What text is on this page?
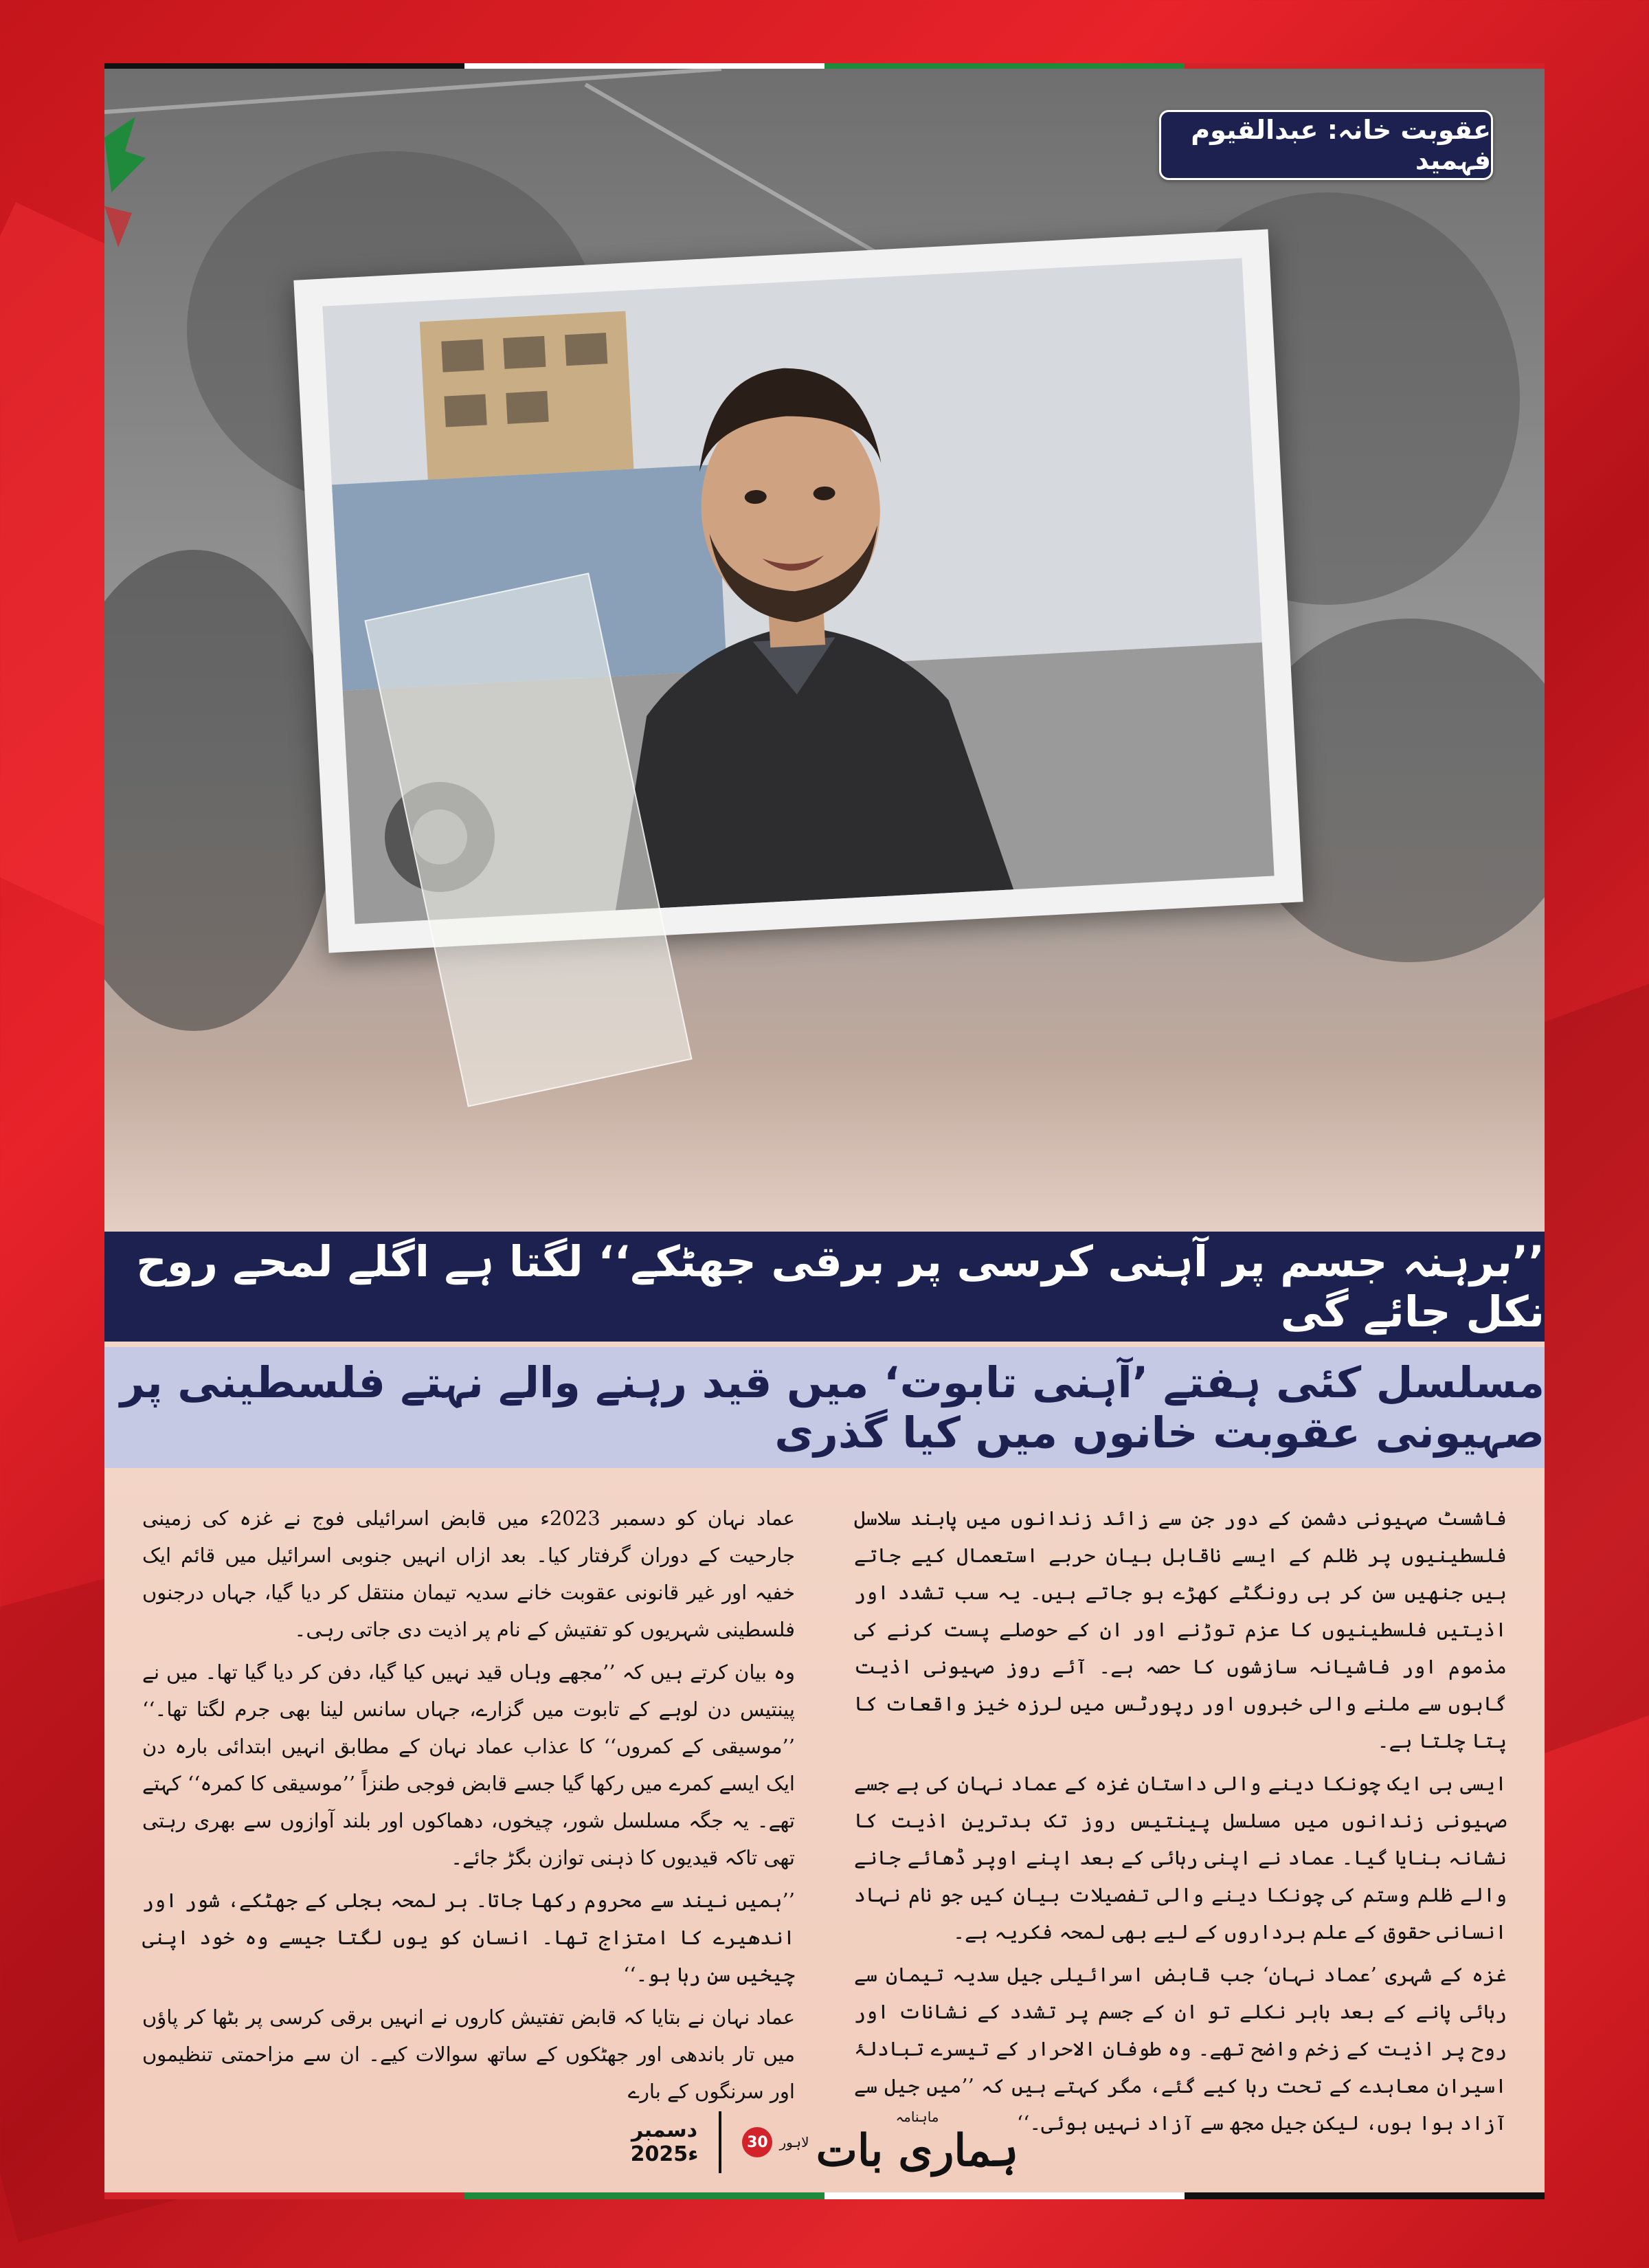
عقوبت خانہ: عبدالقیوم فہمید
’’برہنہ جسم پر آہنی کرسی پر برقی جھٹکے‘‘ لگتا ہے اگلے لمحے روح نکل جائے گی
مسلسل کئی ہفتے ’آہنی تابوت‘ میں قید رہنے والے نہتے فلسطینی پر صہیونی عقوبت خانوں میں کیا گذری

فاشسٹ صہیونی دشمن کے دور جن سے زائد زندانوں میں پابند سلاسل فلسطینیوں پر ظلم کے ایسے ناقابل بیان حربے استعمال کیے جاتے ہیں جنھیں سن کر ہی رونگٹے کھڑے ہو جاتے ہیں۔ یہ سب تشدد اور اذیتیں فلسطینیوں کا عزم توڑنے اور ان کے حوصلے پست کرنے کی مذموم اور فاشیانہ سازشوں کا حصہ ہے۔ آئے روز صہیونی اذیت گاہوں سے ملنے والی خبروں اور رپورٹس میں لرزہ خیز واقعات کا پتا چلتا ہے۔

ایسی ہی ایک چونکا دینے والی داستان غزہ کے عماد نہان کی ہے جسے صہیونی زندانوں میں مسلسل پینتیس روز تک بدترین اذیت کا نشانہ بنایا گیا۔ عماد نے اپنی رہائی کے بعد اپنے اوپر ڈھائے جانے والے ظلم وستم کی چونکا دینے والی تفصیلات بیان کیں جو نام نہاد انسانی حقوق کے علم برداروں کے لیے بھی لمحہ فکریہ ہے۔

غزہ کے شہری ’عماد نہان‘ جب قابض اسرائیلی جیل سدیہ تیمان سے رہائی پانے کے بعد باہر نکلے تو ان کے جسم پر تشدد کے نشانات اور روح پر اذیت کے زخم واضح تھے۔ وہ طوفان الاحرار کے تیسرے تبادلۂ اسیران معاہدے کے تحت رہا کیے گئے، مگر کہتے ہیں کہ ’’میں جیل سے آزاد ہوا ہوں، لیکن جیل مجھ سے آزاد نہیں ہوئی۔‘‘

عماد نہان کو دسمبر 2023ء میں قابض اسرائیلی فوج نے غزہ کی زمینی جارحیت کے دوران گرفتار کیا۔ بعد ازاں انہیں جنوبی اسرائیل میں قائم ایک خفیہ اور غیر قانونی عقوبت خانے سدیہ تیمان منتقل کر دیا گیا، جہاں درجنوں فلسطینی شہریوں کو تفتیش کے نام پر اذیت دی جاتی رہی۔

وہ بیان کرتے ہیں کہ ’’مجھے وہاں قید نہیں کیا گیا، دفن کر دیا گیا تھا۔ میں نے پینتیس دن لوہے کے تابوت میں گزارے، جہاں سانس لینا بھی جرم لگتا تھا۔‘‘ ’’موسیقی کے کمروں‘‘ کا عذاب عماد نہان کے مطابق انہیں ابتدائی بارہ دن ایک ایسے کمرے میں رکھا گیا جسے قابض فوجی طنزاً ’’موسیقی کا کمرہ‘‘ کہتے تھے۔ یہ جگہ مسلسل شور، چیخوں، دھماکوں اور بلند آوازوں سے بھری رہتی تھی تاکہ قیدیوں کا ذہنی توازن بگڑ جائے۔

’’ہمیں نیند سے محروم رکھا جاتا۔ ہر لمحہ بجلی کے جھٹکے، شور اور اندھیرے کا امتزاج تھا۔ انسان کو یوں لگتا جیسے وہ خود اپنی چیخیں سن رہا ہو۔‘‘

عماد نہان نے بتایا کہ قابض تفتیش کاروں نے انہیں برقی کرسی پر بٹھا کر پاؤں میں تار باندھی اور جھٹکوں کے ساتھ سوالات کیے۔ ان سے مزاحمتی تنظیموں اور سرنگوں کے بارے

دسمبر
2025ء
ماہنامہ
ہماری بات
لاہور
30
